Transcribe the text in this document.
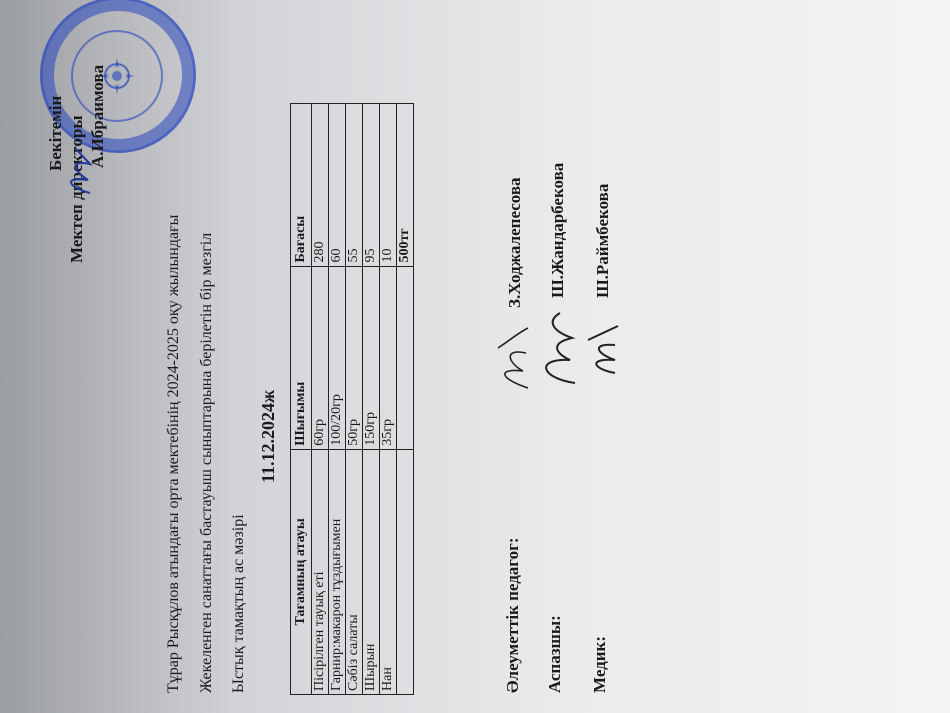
Бекітемін Мектеп директоры А.Ибраимова
Тұрар Рысқұлов атындағы орта мектебінің 2024-2025 оқу жылындағы Жекеленген санаттағы бастауыш сыныптарына берілетін бір мезгіл Ыстық тамақтың ас мәзірі
11.12.2024ж
Тағамның атауы	Шығымы	Бағасы
Пісірілген тауық еті	60гр	280
Гарнир:макарон тұздығымен	100/20гр	60
Сәбіз салаты	50гр	55
Шырын	150гр	95
Нан	35гр	10
		500тг
Әлеуметтік педагог: Аспазшы: Медик:
З.Ходжалепесова Ш.Жандарбекова Ш.Раймбекова
